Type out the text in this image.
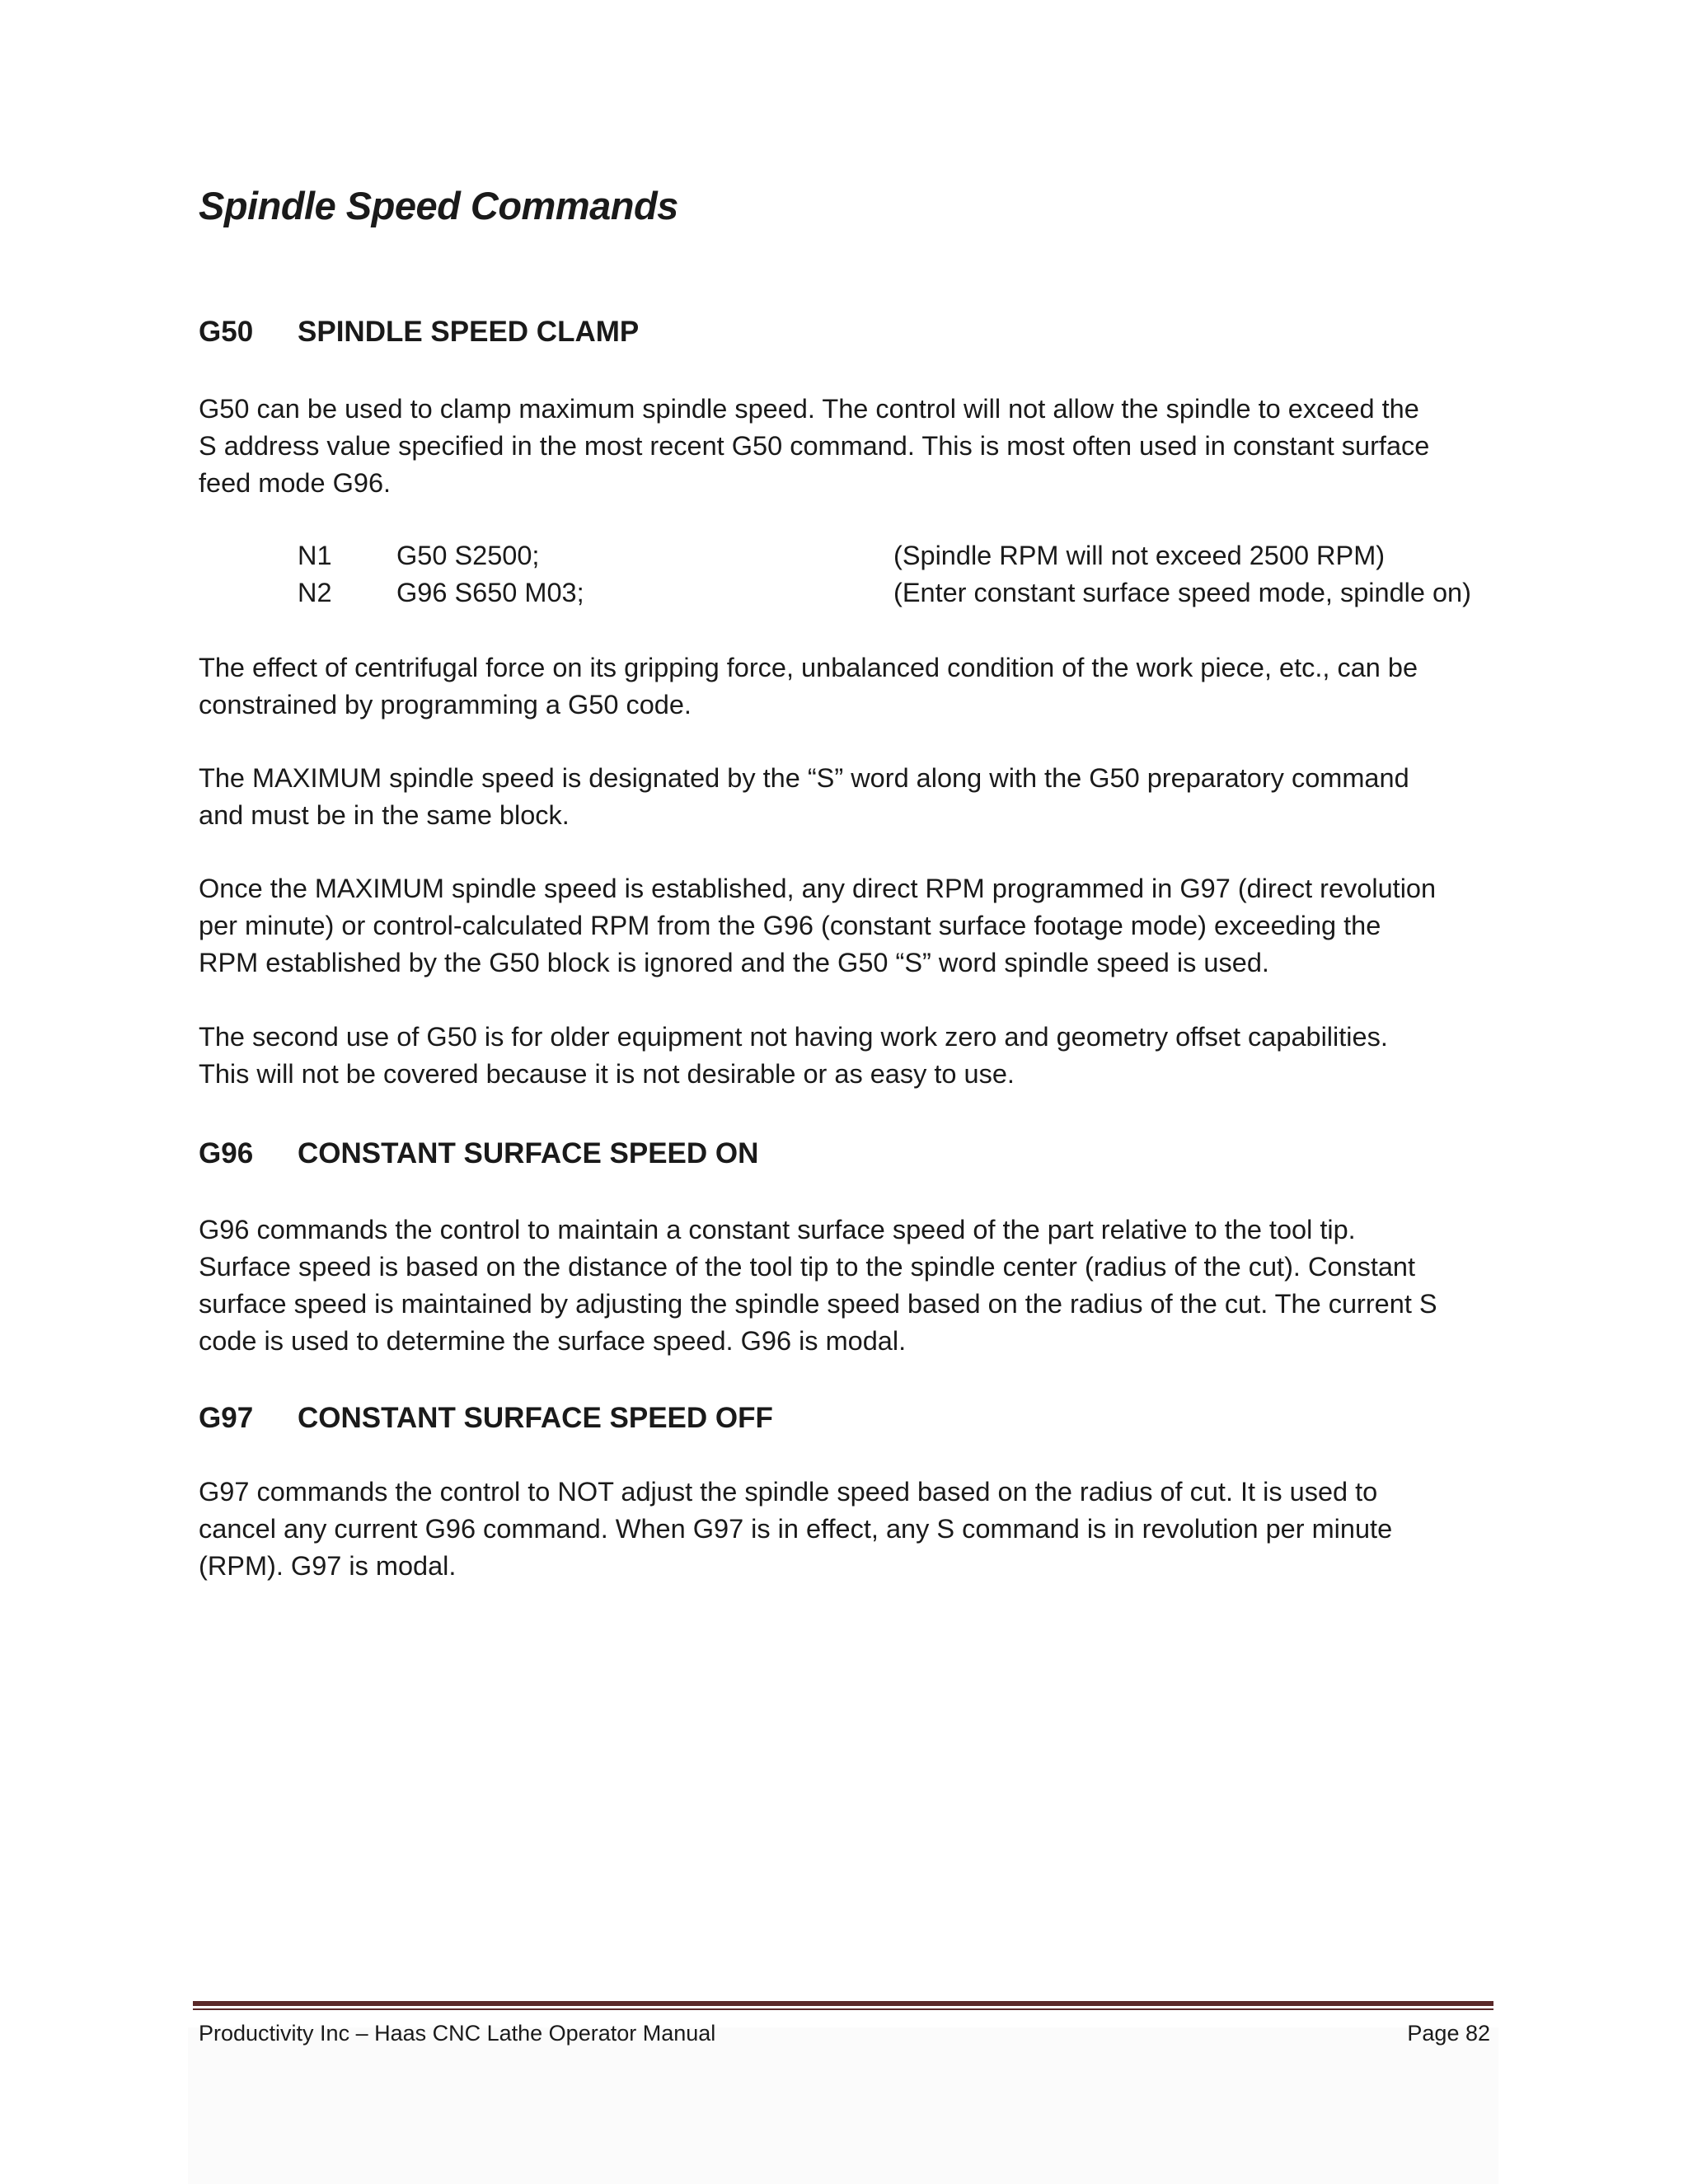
Spindle Speed Commands
G50	SPINDLE SPEED CLAMP

G50 can be used to clamp maximum spindle speed. The control will not allow the spindle to exceed the
S address value specified in the most recent G50 command. This is most often used in constant surface
feed mode G96.

N1 G50 S2500;	(Spindle RPM will not exceed 2500 RPM)
N2 G96 S650 M03;	(Enter constant surface speed mode, spindle on)

The effect of centrifugal force on its gripping force, unbalanced condition of the work piece, etc., can be
constrained by programming a G50 code.

The MAXIMUM spindle speed is designated by the “S” word along with the G50 preparatory command
and must be in the same block.

Once the MAXIMUM spindle speed is established, any direct RPM programmed in G97 (direct revolution
per minute) or control-calculated RPM from the G96 (constant surface footage mode) exceeding the
RPM established by the G50 block is ignored and the G50 “S” word spindle speed is used.

The second use of G50 is for older equipment not having work zero and geometry offset capabilities.
This will not be covered because it is not desirable or as easy to use.

G96	CONSTANT SURFACE SPEED ON

G96 commands the control to maintain a constant surface speed of the part relative to the tool tip.
Surface speed is based on the distance of the tool tip to the spindle center (radius of the cut). Constant
surface speed is maintained by adjusting the spindle speed based on the radius of the cut. The current S
code is used to determine the surface speed. G96 is modal.

G97	CONSTANT SURFACE SPEED OFF

G97 commands the control to NOT adjust the spindle speed based on the radius of cut. It is used to
cancel any current G96 command. When G97 is in effect, any S command is in revolution per minute
(RPM). G97 is modal.

Productivity Inc – Haas CNC Lathe Operator Manual	Page 82
